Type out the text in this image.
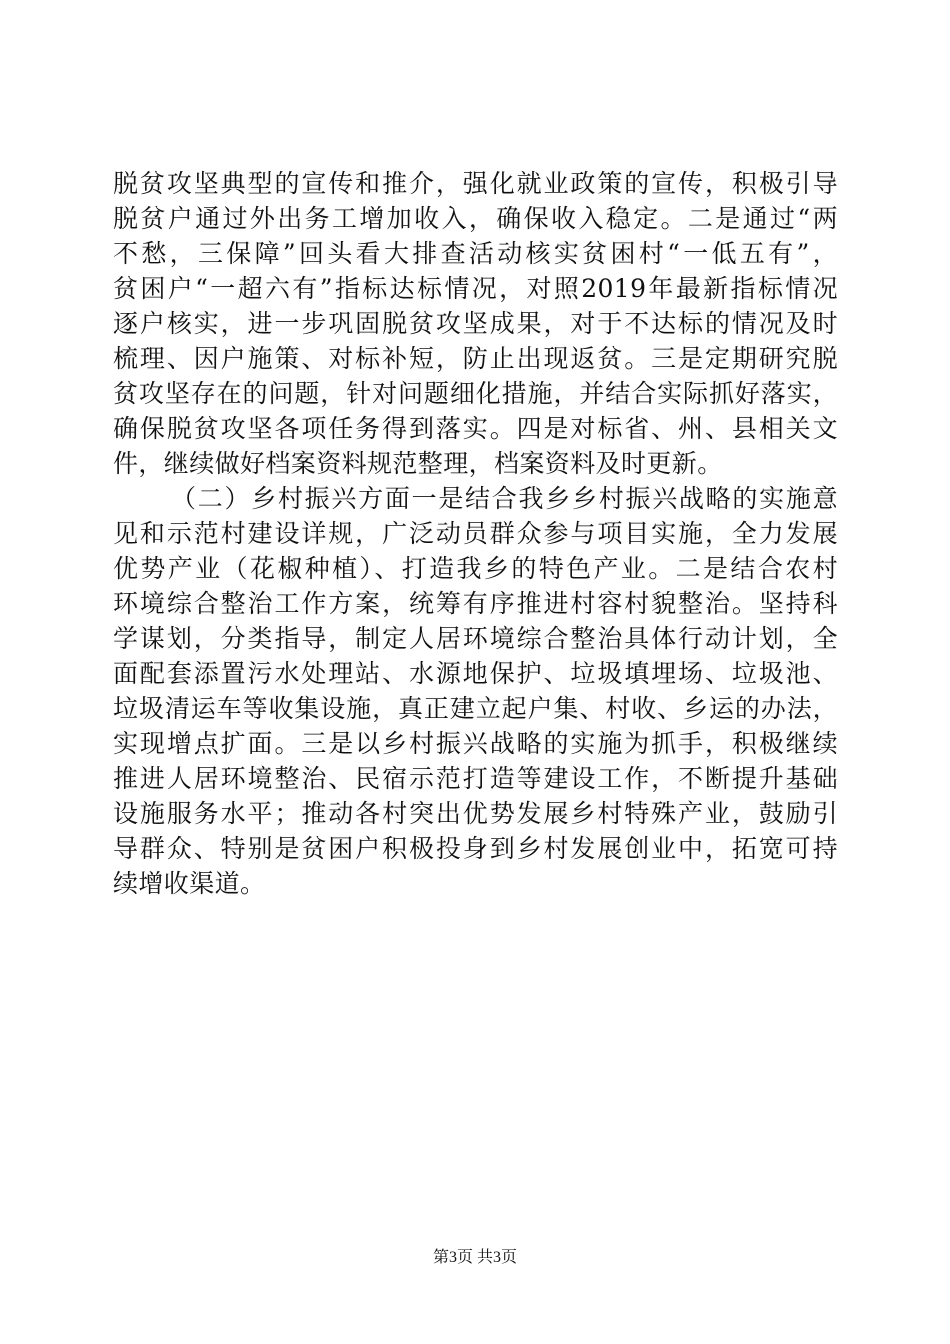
脱贫攻坚典型的宣传和推介，强化就业政策的宣传，积极引导
脱贫户通过外出务工增加收入，确保收入稳定。二是通过“两
不愁，三保障”回头看大排查活动核实贫困村“一低五有”，
贫困户“一超六有”指标达标情况，对照2019年最新指标情况
逐户核实，进一步巩固脱贫攻坚成果，对于不达标的情况及时
梳理、因户施策、对标补短，防止出现返贫。三是定期研究脱
贫攻坚存在的问题，针对问题细化措施，并结合实际抓好落实，
确保脱贫攻坚各项任务得到落实。四是对标省、州、县相关文
件，继续做好档案资料规范整理，档案资料及时更新。
（二）乡村振兴方面一是结合我乡乡村振兴战略的实施意
见和示范村建设详规，广泛动员群众参与项目实施，全力发展
优势产业（花椒种植）、打造我乡的特色产业。二是结合农村
环境综合整治工作方案，统筹有序推进村容村貌整治。坚持科
学谋划，分类指导，制定人居环境综合整治具体行动计划，全
面配套添置污水处理站、水源地保护、垃圾填埋场、垃圾池、
垃圾清运车等收集设施，真正建立起户集、村收、乡运的办法，
实现增点扩面。三是以乡村振兴战略的实施为抓手，积极继续
推进人居环境整治、民宿示范打造等建设工作，不断提升基础
设施服务水平；推动各村突出优势发展乡村特殊产业，鼓励引
导群众、特别是贫困户积极投身到乡村发展创业中，拓宽可持
续增收渠道。
第3页 共3页
